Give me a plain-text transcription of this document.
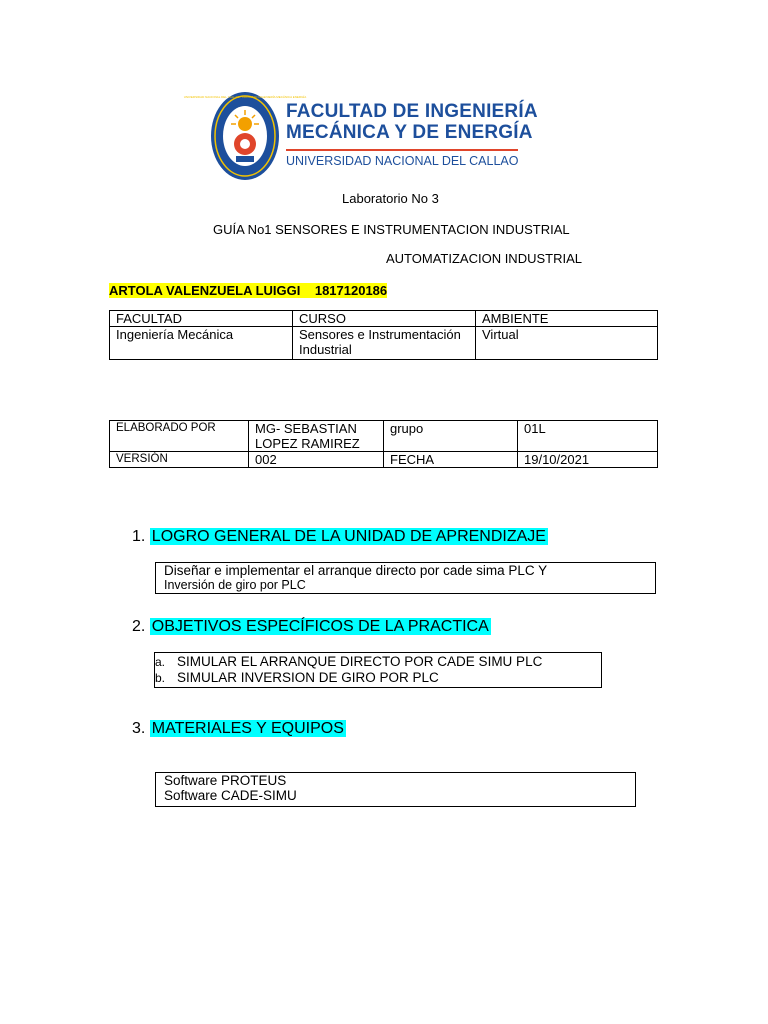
UNIVERSIDAD NACIONAL DEL CALLAO · FACULTAD INGENIERÍA MECÁNICA ENERGÍA
FACULTAD DE INGENIERÍA
MECÁNICA Y DE ENERGÍA
UNIVERSIDAD NACIONAL DEL CALLAO
Laboratorio No 3
GUÍA No1 SENSORES E INSTRUMENTACION INDUSTRIAL
AUTOMATIZACION INDUSTRIAL
ARTOLA VALENZUELA LUIGGI 1817120186
FACULTAD	CURSO	AMBIENTE
Ingeniería Mecánica	Sensores e Instrumentación Industrial	Virtual
ELABORADO POR	MG- SEBASTIAN LOPEZ RAMIREZ	grupo	01L
VERSIÓN	002	FECHA	19/10/2021
1. LOGRO GENERAL DE LA UNIDAD DE APRENDIZAJE
Diseñar e implementar el arranque directo por cade sima PLC Y
Inversión de giro por PLC
2. OBJETIVOS ESPECÍFICOS DE LA PRACTICA
a. SIMULAR EL ARRANQUE DIRECTO POR CADE SIMU PLC
b. SIMULAR INVERSION DE GIRO POR PLC
3. MATERIALES Y EQUIPOS
Software PROTEUS
Software CADE-SIMU
